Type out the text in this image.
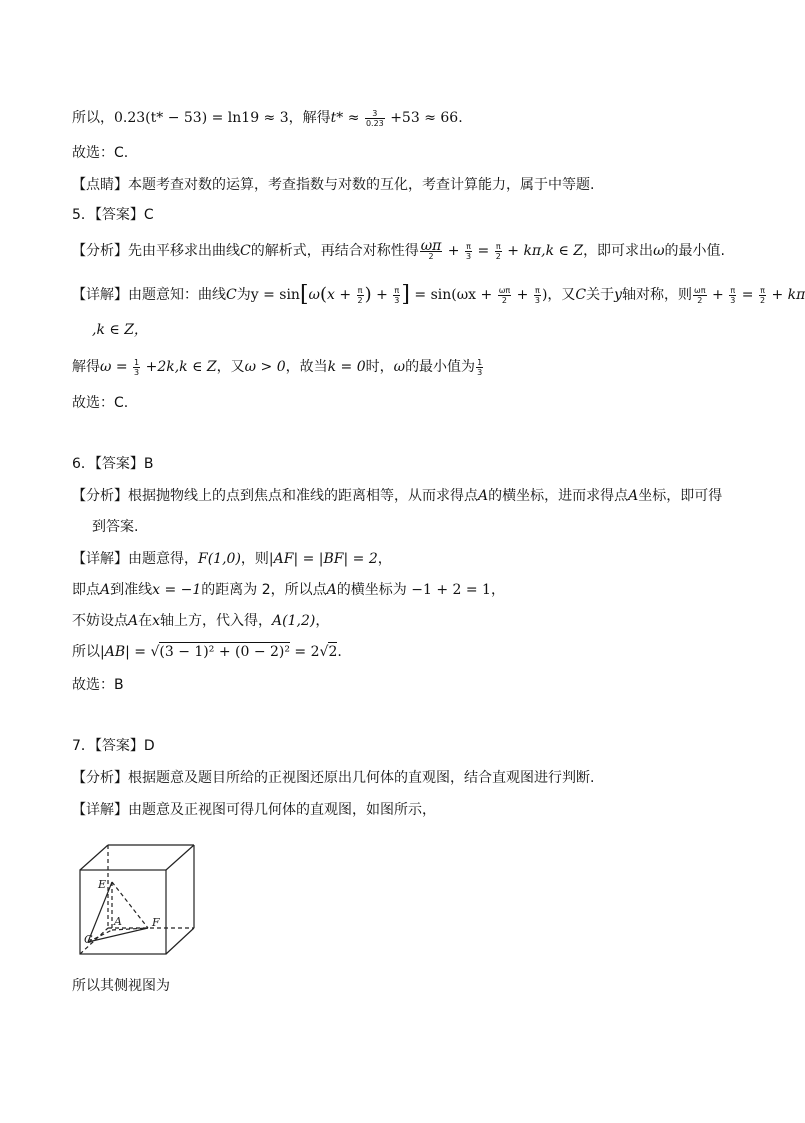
所以，0.23(t* − 53) = ln19 ≈ 3，解得$t* \approx \frac{3}{0.23} +53 \approx 66$.
故选：C.
【点睛】本题考查对数的运算，考查指数与对数的互化，考查计算能力，属于中等题.
5．【答案】C
【分析】先由平移求出曲线C的解析式，再结合对称性得 $\frac{\omega\pi}{2} + \frac{\pi}{3} = \frac{\pi}{2} + k\pi,k$ ∈ Z，即可求出ω的最小值.
【详解】由题意知：曲线C为$y = \sin[\omega(x + \frac{\pi}{2}$ ) + $\frac{\pi}{3}$ ] = $\sin(\omega x + \frac{\omega\pi}{2} + \frac{\pi}{3}$ )，又C关于y轴对称，则 $\frac{\omega\pi}{2} + \frac{\pi}{3} = \frac{\pi}{2} + k\pi$
,k ∈ Z，
解得$\omega = \frac{1}{3} +2k,k$ ∈ Z，又ω > 0，故当k = 0时，ω的最小值为 $\frac{1}{3}$
故选：C.
6．【答案】B
【分析】根据抛物线上的点到焦点和准线的距离相等，从而求得点A的横坐标，进而求得点A坐标，即可得
到答案.
【详解】由题意得，F(1,0)，则|AF| = |BF| = 2，
即点A到准线x = −1的距离为 2，所以点A的横坐标为 −1 + 2 = 1，
不妨设点A在x轴上方，代入得，A(1,2)，
所以|AB| = √(3 − 1)² + (0 − 2)² = 2√2.
故选：B
7．【答案】D
【分析】根据题意及题目所给的正视图还原出几何体的直观图，结合直观图进行判断.
【详解】由题意及正视图可得几何体的直观图，如图所示，
E
A	F
G
所以其侧视图为
